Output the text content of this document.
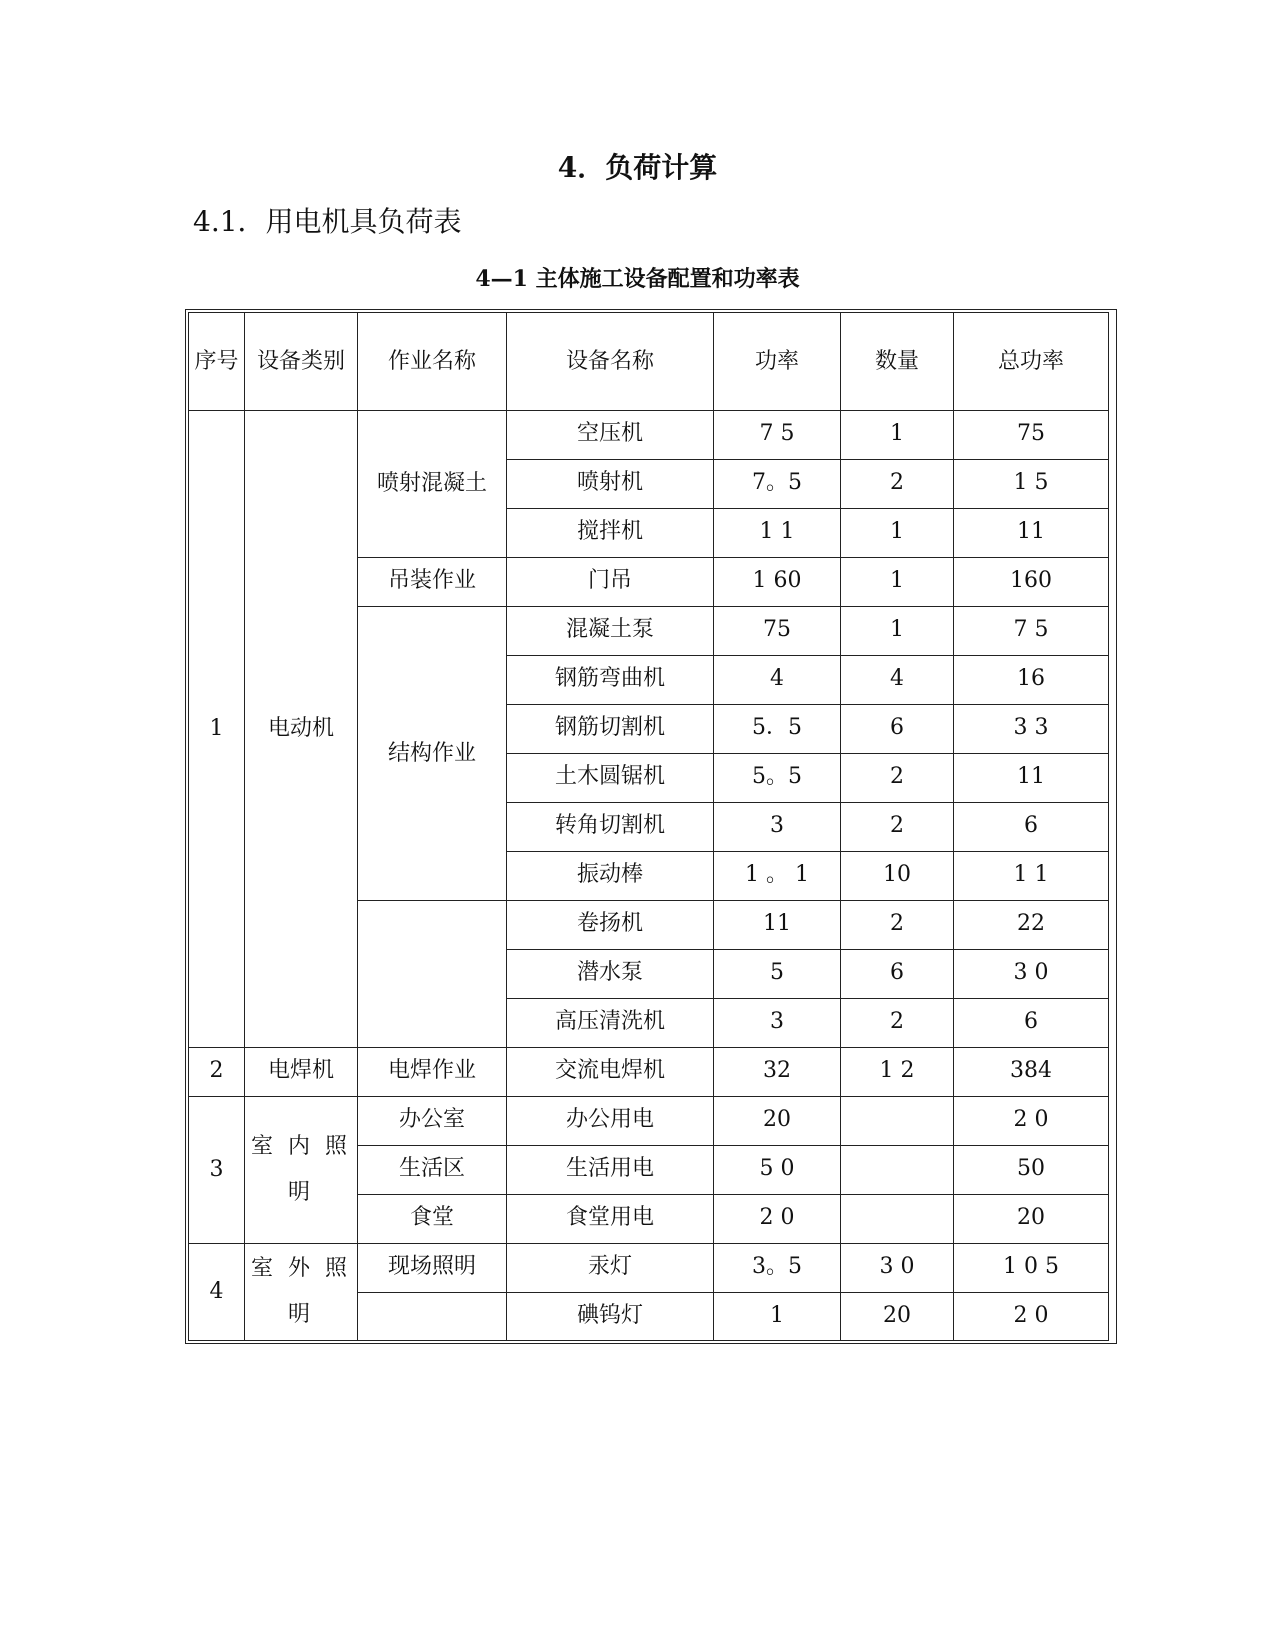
4．负荷计算
4.1．用电机具负荷表
4—1 主体施工设备配置和功率表
序号	设备类别	作业名称	设备名称	功率	数量	总功率
1	电动机	喷射混凝土	空压机	7 5	1	75
			喷射机	7。5	2	1 5
			搅拌机	1 1	1	11
		吊装作业	门吊	1 60	1	160
		结构作业	混凝土泵	75	1	7 5
			钢筋弯曲机	4	4	16
			钢筋切割机	5．5	6	3 3
			土木圆锯机	5。5	2	11
			转角切割机	3	2	6
			振动棒	1 。 1	10	1 1
			卷扬机	11	2	22
			潜水泵	5	6	3 0
			高压清洗机	3	2	6
2	电焊机	电焊作业	交流电焊机	32	1 2	384
3	室 内 照明	办公室	办公用电	20		2 0
		生活区	生活用电	5 0		50
		食堂	食堂用电	2 0		20
4	室 外 照明	现场照明	汞灯	3。5	3 0	1 0 5
			碘钨灯	1	20	2 0
